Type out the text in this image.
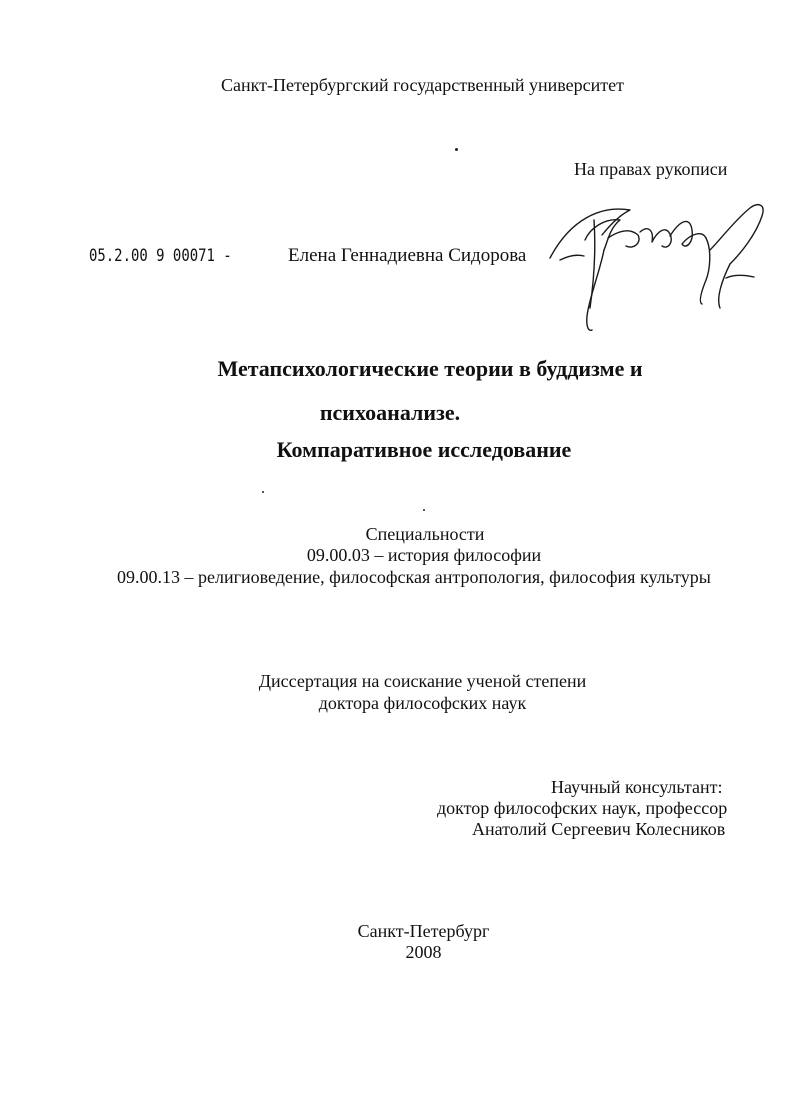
Санкт-Петербургский государственный университет
На правах рукописи
05.2.00 9 00071 -	Елена Геннадиевна Сидорова
Метапсихологические теории в буддизме и
психоанализе.
Компаративное исследование
Специальности
09.00.03 – история философии
09.00.13 – религиоведение, философская антропология, философия культуры
Диссертация на соискание ученой степени
доктора философских наук
Научный консультант:
доктор философских наук, профессор
Анатолий Сергеевич Колесников
Санкт-Петербург
2008
